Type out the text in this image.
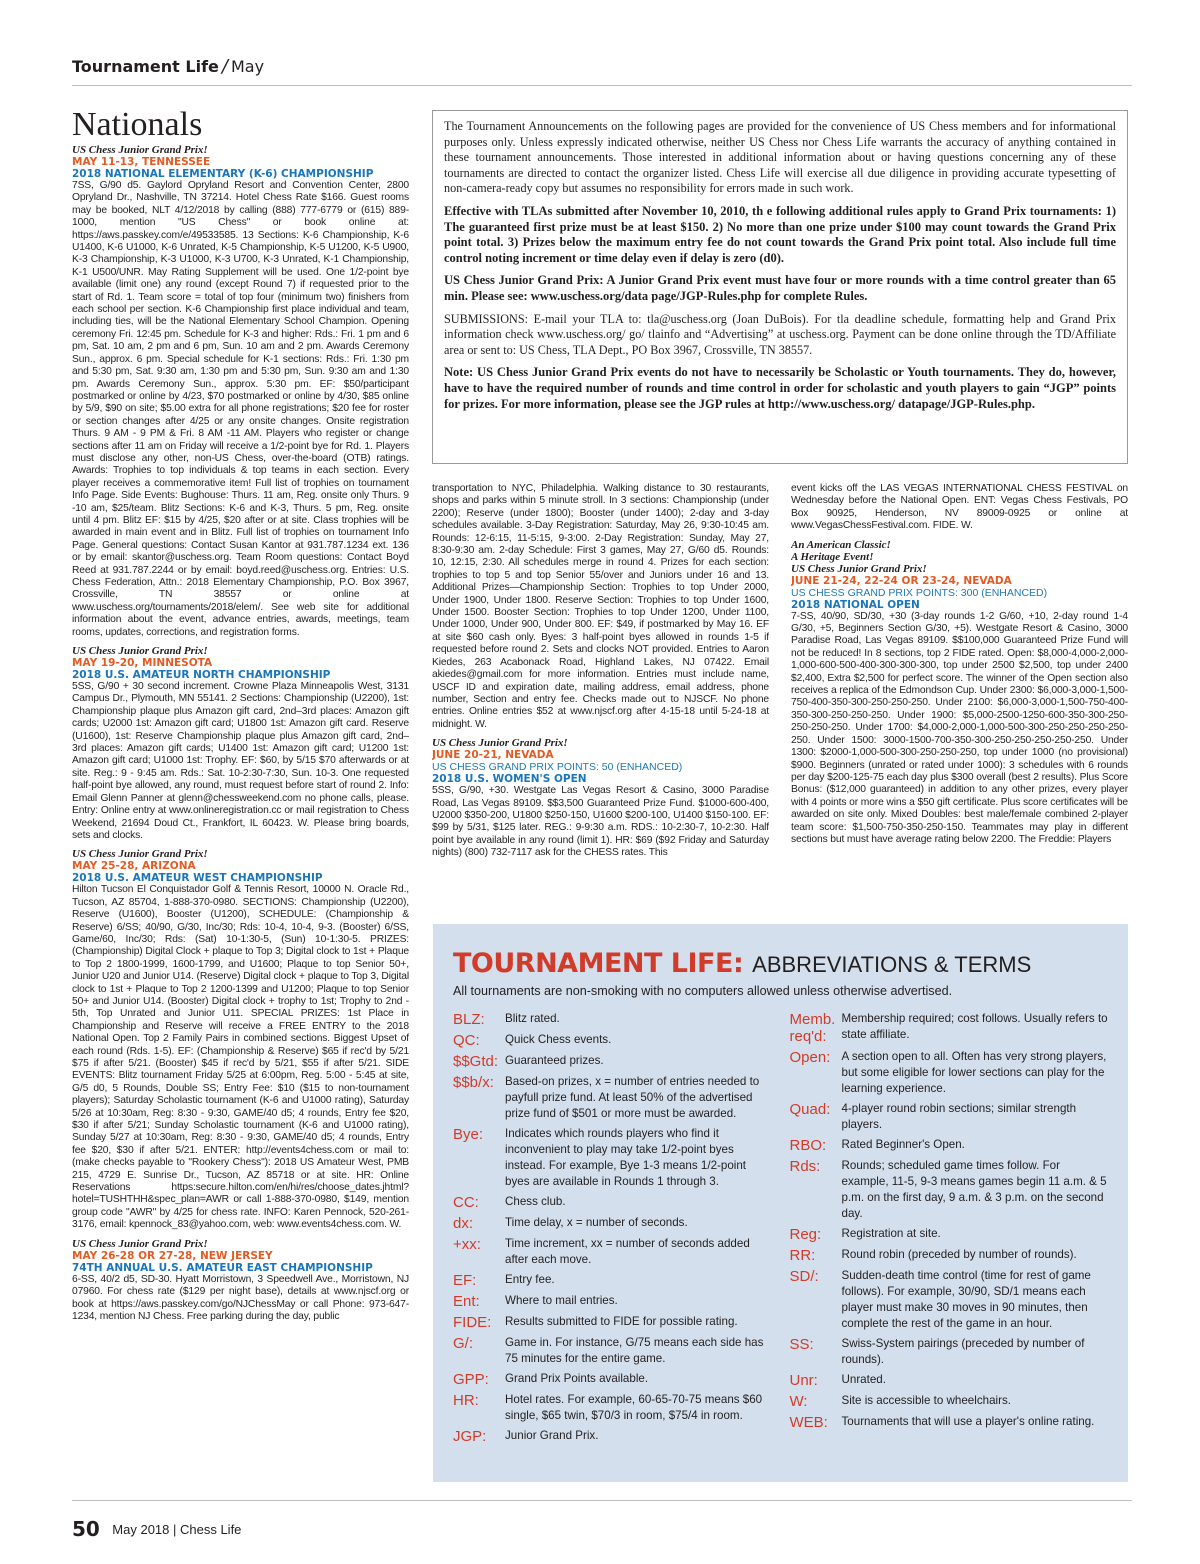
Tournament Life / May
Nationals
US Chess Junior Grand Prix!
MAY 11-13, TENNESSEE
2018 NATIONAL ELEMENTARY (K-6) CHAMPIONSHIP
7SS, G/90 d5. Gaylord Opryland Resort and Convention Center, 2800 Opryland Dr., Nashville, TN 37214. Hotel Chess Rate $166. Guest rooms may be booked, NLT 4/12/2018 by calling (888) 777-6779 or (615) 889-1000, mention "US Chess" or book online at: https://aws.passkey.com/e/49533585. 13 Sections: K-6 Championship, K-6 U1400, K-6 U1000, K-6 Unrated, K-5 Championship, K-5 U1200, K-5 U900, K-3 Championship, K-3 U1000, K-3 U700, K-3 Unrated, K-1 Championship, K-1 U500/UNR. May Rating Supplement will be used. One 1/2-point bye available (limit one) any round (except Round 7) if requested prior to the start of Rd. 1. Team score = total of top four (minimum two) finishers from each school per section. K-6 Championship first place individual and team, including ties, will be the National Elementary School Champion. Opening ceremony Fri. 12:45 pm. Schedule for K-3 and higher: Rds.: Fri. 1 pm and 6 pm, Sat. 10 am, 2 pm and 6 pm, Sun. 10 am and 2 pm. Awards Ceremony Sun., approx. 6 pm. Special schedule for K-1 sections: Rds.: Fri. 1:30 pm and 5:30 pm, Sat. 9:30 am, 1:30 pm and 5:30 pm, Sun. 9:30 am and 1:30 pm. Awards Ceremony Sun., approx. 5:30 pm. EF: $50/participant postmarked or online by 4/23, $70 postmarked or online by 4/30, $85 online by 5/9, $90 on site; $5.00 extra for all phone registrations; $20 fee for roster or section changes after 4/25 or any onsite changes. Onsite registration Thurs. 9 AM - 9 PM & Fri. 8 AM -11 AM. Players who register or change sections after 11 am on Friday will receive a 1/2-point bye for Rd. 1. Players must disclose any other, non-US Chess, over-the-board (OTB) ratings. Awards: Trophies to top individuals & top teams in each section. Every player receives a commemorative item! Full list of trophies on tournament Info Page. Side Events: Bughouse: Thurs. 11 am, Reg. onsite only Thurs. 9 -10 am, $25/team. Blitz Sections: K-6 and K-3, Thurs. 5 pm, Reg. onsite until 4 pm. Blitz EF: $15 by 4/25, $20 after or at site. Class trophies will be awarded in main event and in Blitz. Full list of trophies on tournament Info Page. General questions: Contact Susan Kantor at 931.787.1234 ext. 136 or by email: skantor@uschess.org. Team Room questions: Contact Boyd Reed at 931.787.2244 or by email: boyd.reed@uschess.org. Entries: U.S. Chess Federation, Attn.: 2018 Elementary Championship, P.O. Box 3967, Crossville, TN 38557 or online at www.uschess.org/tournaments/2018/elem/. See web site for additional information about the event, advance entries, awards, meetings, team rooms, updates, corrections, and registration forms.
US Chess Junior Grand Prix!
MAY 19-20, MINNESOTA
2018 U.S. AMATEUR NORTH CHAMPIONSHIP
5SS, G/90 + 30 second increment. Crowne Plaza Minneapolis West, 3131 Campus Dr., Plymouth, MN 55141. 2 Sections: Championship (U2200), 1st: Championship plaque plus Amazon gift card, 2nd–3rd places: Amazon gift cards; U2000 1st: Amazon gift card; U1800 1st: Amazon gift card. Reserve (U1600), 1st: Reserve Championship plaque plus Amazon gift card, 2nd–3rd places: Amazon gift cards; U1400 1st: Amazon gift card; U1200 1st: Amazon gift card; U1000 1st: Trophy. EF: $60, by 5/15 $70 afterwards or at site. Reg.: 9 - 9:45 am. Rds.: Sat. 10-2:30-7:30, Sun. 10-3. One requested half-point bye allowed, any round, must request before start of round 2. Info: Email Glenn Panner at glenn@chessweekend.com no phone calls, please. Entry: Online entry at www.onlineregistration.cc or mail registration to Chess Weekend, 21694 Doud Ct., Frankfort, IL 60423. W. Please bring boards, sets and clocks.
US Chess Junior Grand Prix!
MAY 25-28, ARIZONA
2018 U.S. AMATEUR WEST CHAMPIONSHIP
Hilton Tucson El Conquistador Golf & Tennis Resort, 10000 N. Oracle Rd., Tucson, AZ 85704, 1-888-370-0980. SECTIONS: Championship (U2200), Reserve (U1600), Booster (U1200), SCHEDULE: (Championship & Reserve) 6/SS; 40/90, G/30, Inc/30; Rds: 10-4, 10-4, 9-3. (Booster) 6/SS, Game/60, Inc/30; Rds: (Sat) 10-1:30-5, (Sun) 10-1:30-5. PRIZES: (Championship) Digital Clock + plaque to Top 3; Digital clock to 1st + Plaque to Top 2 1800-1999, 1600-1799, and U1600; Plaque to top Senior 50+, Junior U20 and Junior U14. (Reserve) Digital clock + plaque to Top 3, Digital clock to 1st + Plaque to Top 2 1200-1399 and U1200; Plaque to top Senior 50+ and Junior U14. (Booster) Digital clock + trophy to 1st; Trophy to 2nd - 5th, Top Unrated and Junior U11. SPECIAL PRIZES: 1st Place in Championship and Reserve will receive a FREE ENTRY to the 2018 National Open. Top 2 Family Pairs in combined sections. Biggest Upset of each round (Rds. 1-5). EF: (Championship & Reserve) $65 if rec'd by 5/21 $75 if after 5/21. (Booster) $45 if rec'd by 5/21, $55 if after 5/21. SIDE EVENTS: Blitz tournament Friday 5/25 at 6:00pm, Reg. 5:00 - 5:45 at site, G/5 d0, 5 Rounds, Double SS; Entry Fee: $10 ($15 to non-tournament players); Saturday Scholastic tournament (K-6 and U1000 rating), Saturday 5/26 at 10:30am, Reg: 8:30 - 9:30, GAME/40 d5; 4 rounds, Entry fee $20, $30 if after 5/21; Sunday Scholastic tournament (K-6 and U1000 rating), Sunday 5/27 at 10:30am, Reg: 8:30 - 9:30, GAME/40 d5; 4 rounds, Entry fee $20, $30 if after 5/21. ENTER: http://events4chess.com or mail to: (make checks payable to "Rookery Chess"): 2018 US Amateur West, PMB 215, 4729 E. Sunrise Dr., Tucson, AZ 85718 or at site. HR: Online Reservations https:secure.hilton.com/en/hi/res/choose_dates.jhtml?hotel=TUSHTHH&spec_plan=AWR or call 1-888-370-0980, $149, mention group code "AWR" by 4/25 for chess rate. INFO: Karen Pennock, 520-261-3176, email: kpennock_83@yahoo.com, web: www.events4chess.com. W.
US Chess Junior Grand Prix!
MAY 26-28 OR 27-28, NEW JERSEY
74TH ANNUAL U.S. AMATEUR EAST CHAMPIONSHIP
6-SS, 40/2 d5, SD-30. Hyatt Morristown, 3 Speedwell Ave., Morristown, NJ 07960. For chess rate ($129 per night base), details at www.njscf.org or book at https://aws.passkey.com/go/NJChessMay or call Phone: 973-647-1234, mention NJ Chess. Free parking during the day, public

The Tournament Announcements on the following pages are provided for the convenience of US Chess members and for informational purposes only. Unless expressly indicated otherwise, neither US Chess nor Chess Life warrants the accuracy of anything contained in these tournament announcements. Those interested in additional information about or having questions concerning any of these tournaments are directed to contact the organizer listed. Chess Life will exercise all due diligence in providing accurate typesetting of non-camera-ready copy but assumes no responsibility for errors made in such work.

Effective with TLAs submitted after November 10, 2010, th e following additional rules apply to Grand Prix tournaments: 1) The guaranteed first prize must be at least $150. 2) No more than one prize under $100 may count towards the Grand Prix point total. 3) Prizes below the maximum entry fee do not count towards the Grand Prix point total. Also include full time control noting increment or time delay even if delay is zero (d0).

US Chess Junior Grand Prix: A Junior Grand Prix event must have four or more rounds with a time control greater than 65 min. Please see: www.uschess.org/data page/JGP-Rules.php for complete Rules.

SUBMISSIONS: E-mail your TLA to: tla@uschess.org (Joan DuBois). For tla deadline schedule, formatting help and Grand Prix information check www.uschess.org/ go/ tlainfo and “Advertising” at uschess.org. Payment can be done online through the TD/Affiliate area or sent to: US Chess, TLA Dept., PO Box 3967, Crossville, TN 38557.

Note: US Chess Junior Grand Prix events do not have to necessarily be Scholastic or Youth tournaments. They do, however, have to have the required number of rounds and time control in order for scholastic and youth players to gain “JGP” points for prizes. For more information, please see the JGP rules at http://www.uschess.org/ datapage/JGP-Rules.php.

transportation to NYC, Philadelphia. Walking distance to 30 restaurants, shops and parks within 5 minute stroll. In 3 sections: Championship (under 2200); Reserve (under 1800); Booster (under 1400); 2-day and 3-day schedules available. 3-Day Registration: Saturday, May 26, 9:30-10:45 am. Rounds: 12-6:15, 11-5:15, 9-3:00. 2-Day Registration: Sunday, May 27, 8:30-9:30 am. 2-day Schedule: First 3 games, May 27, G/60 d5. Rounds: 10, 12:15, 2:30. All schedules merge in round 4. Prizes for each section: trophies to top 5 and top Senior 55/over and Juniors under 16 and 13. Additional Prizes—Championship Section: Trophies to top Under 2000, Under 1900, Under 1800. Reserve Section: Trophies to top Under 1600, Under 1500. Booster Section: Trophies to top Under 1200, Under 1100, Under 1000, Under 900, Under 800. EF: $49, if postmarked by May 16. EF at site $60 cash only. Byes: 3 half-point byes allowed in rounds 1-5 if requested before round 2. Sets and clocks NOT provided. Entries to Aaron Kiedes, 263 Acabonack Road, Highland Lakes, NJ 07422. Email akiedes@gmail.com for more information. Entries must include name, USCF ID and expiration date, mailing address, email address, phone number, Section and entry fee. Checks made out to NJSCF. No phone entries. Online entries $52 at www.njscf.org after 4-15-18 until 5-24-18 at midnight. W.
US Chess Junior Grand Prix!
JUNE 20-21, NEVADA
US CHESS GRAND PRIX POINTS: 50 (ENHANCED)
2018 U.S. WOMEN'S OPEN
5SS, G/90, +30. Westgate Las Vegas Resort & Casino, 3000 Paradise Road, Las Vegas 89109. $$3,500 Guaranteed Prize Fund. $1000-600-400, U2000 $350-200, U1800 $250-150, U1600 $200-100, U1400 $150-100. EF: $99 by 5/31, $125 later. REG.: 9-9:30 a.m. RDS.: 10-2:30-7, 10-2:30. Half point bye available in any round (limit 1). HR: $69 ($92 Friday and Saturday nights) (800) 732-7117 ask for the CHESS rates. This
event kicks off the LAS VEGAS INTERNATIONAL CHESS FESTIVAL on Wednesday before the National Open. ENT: Vegas Chess Festivals, PO Box 90925, Henderson, NV 89009-0925 or online at www.VegasChessFestival.com. FIDE. W.
An American Classic!
A Heritage Event!
US Chess Junior Grand Prix!
JUNE 21-24, 22-24 OR 23-24, NEVADA
US CHESS GRAND PRIX POINTS: 300 (ENHANCED)
2018 NATIONAL OPEN
7-SS, 40/90, SD/30, +30 (3-day rounds 1-2 G/60, +10, 2-day round 1-4 G/30, +5, Beginners Section G/30, +5). Westgate Resort & Casino, 3000 Paradise Road, Las Vegas 89109. $$100,000 Guaranteed Prize Fund will not be reduced! In 8 sections, top 2 FIDE rated. Open: $8,000-4,000-2,000-1,000-600-500-400-300-300-300, top under 2500 $2,500, top under 2400 $2,400, Extra $2,500 for perfect score. The winner of the Open section also receives a replica of the Edmondson Cup. Under 2300: $6,000-3,000-1,500-750-400-350-300-250-250-250. Under 2100: $6,000-3,000-1,500-750-400-350-300-250-250-250. Under 1900: $5,000-2500-1250-600-350-300-250-250-250-250. Under 1700: $4,000-2,000-1,000-500-300-250-250-250-250-250. Under 1500: 3000-1500-700-350-300-250-250-250-250-250. Under 1300: $2000-1,000-500-300-250-250-250, top under 1000 (no provisional) $900. Beginners (unrated or rated under 1000): 3 schedules with 6 rounds per day $200-125-75 each day plus $300 overall (best 2 results). Plus Score Bonus: ($12,000 guaranteed) in addition to any other prizes, every player with 4 points or more wins a $50 gift certificate. Plus score certificates will be awarded on site only. Mixed Doubles: best male/female combined 2-player team score: $1,500-750-350-250-150. Teammates may play in different sections but must have average rating below 2200. The Freddie: Players
TOURNAMENT LIFE: ABBREVIATIONS & TERMS
All tournaments are non-smoking with no computers allowed unless otherwise advertised.
BLZ:	Blitz rated.
QC:	Quick Chess events.
$$Gtd: Guaranteed prizes.
$$b/x: Based-on prizes, x = number of entries needed to payfull prize fund. At least 50% of the advertised prize fund of $501 or more must be awarded.
Bye:	Indicates which rounds players who find it inconvenient to play may take 1/2-point byes instead. For example, Bye 1-3 means 1/2-point byes are available in Rounds 1 through 3.
CC:	Chess club.
dx:	Time delay, x = number of seconds.
+xx:	Time increment, xx = number of seconds added after each move.
EF:	Entry fee.
Ent:	Where to mail entries.
FIDE:	Results submitted to FIDE for possible rating.
G/:	Game in. For instance, G/75 means each side has 75 minutes for the entire game.
GPP:	Grand Prix Points available.
HR:	Hotel rates. For example, 60-65-70-75 means $60 single, $65 twin, $70/3 in room, $75/4 in room.
JGP:	Junior Grand Prix.
Memb. req'd:
Membership required; cost follows. Usually refers to state affiliate.
Open: A section open to all. Often has very strong players, but some eligible for lower sections can play for the learning experience.
Quad: 4-player round robin sections; similar strength players.
RBO:	Rated Beginner's Open.
Rds:	Rounds; scheduled game times follow. For example, 11-5, 9-3 means games begin 11 a.m. & 5 p.m. on the first day, 9 a.m. & 3 p.m. on the second day.
Reg:	Registration at site.
RR:	Round robin (preceded by number of rounds).
SD/:	Sudden-death time control (time for rest of game follows). For example, 30/90, SD/1 means each player must make 30 moves in 90 minutes, then complete the rest of the game in an hour.
SS:	Swiss-System pairings (preceded by number of rounds).
Unr:	Unrated.
W:	Site is accessible to wheelchairs.
WEB:	Tournaments that will use a player's online rating.
50 May 2018 | Chess Life
